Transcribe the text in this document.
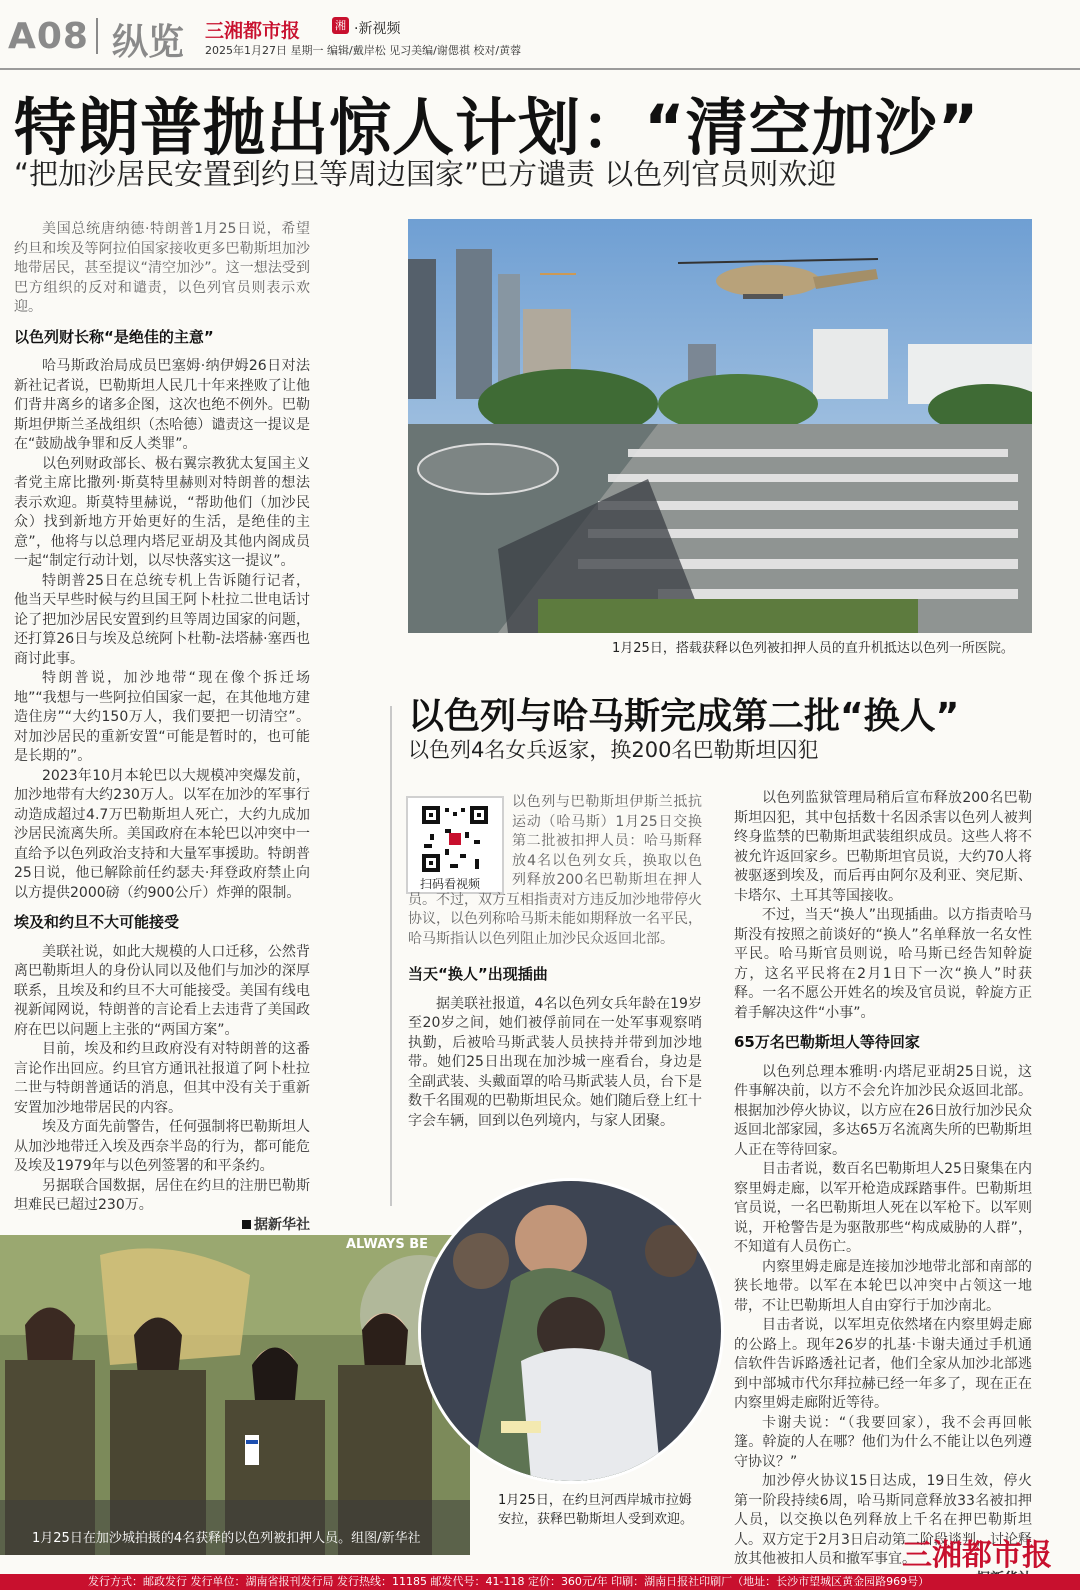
A08 纵览 三湘都市报	湘 ·新视频
2025年1月27日 星期一 编辑/戴岸松 见习美编/谢偲祺 校对/黄蓉
特朗普抛出惊人计划：“清空加沙”
“把加沙居民安置到约旦等周边国家”巴方谴责 以色列官员则欢迎

美国总统唐纳德·特朗普1月25日说，希望约旦和埃及等阿拉伯国家接收更多巴勒斯坦加沙地带居民，甚至提议“清空加沙”。这一想法受到巴方组织的反对和谴责，以色列官员则表示欢迎。

以色列财长称“是绝佳的主意”

哈马斯政治局成员巴塞姆·纳伊姆26日对法新社记者说，巴勒斯坦人民几十年来挫败了让他们背井离乡的诸多企图，这次也绝不例外。巴勒斯坦伊斯兰圣战组织（杰哈德）谴责这一提议是在“鼓励战争罪和反人类罪”。

以色列财政部长、极右翼宗教犹太复国主义者党主席比撒列·斯莫特里赫则对特朗普的想法表示欢迎。斯莫特里赫说，“帮助他们（加沙民众）找到新地方开始更好的生活，是绝佳的主意”，他将与以总理内塔尼亚胡及其他内阁成员一起“制定行动计划，以尽快落实这一提议”。

特朗普25日在总统专机上告诉随行记者，他当天早些时候与约旦国王阿卜杜拉二世电话讨论了把加沙居民安置到约旦等周边国家的问题，还打算26日与埃及总统阿卜杜勒-法塔赫·塞西也商讨此事。

特朗普说，加沙地带“现在像个拆迁场地”“我想与一些阿拉伯国家一起，在其他地方建造住房”“大约150万人，我们要把一切清空”。对加沙居民的重新安置“可能是暂时的，也可能是长期的”。

2023年10月本轮巴以大规模冲突爆发前，加沙地带有大约230万人。以军在加沙的军事行动造成超过4.7万巴勒斯坦人死亡，大约九成加沙居民流离失所。美国政府在本轮巴以冲突中一直给予以色列政治支持和大量军事援助。特朗普25日说，他已解除前任约瑟夫·拜登政府禁止向以方提供2000磅（约900公斤）炸弹的限制。

埃及和约旦不大可能接受

美联社说，如此大规模的人口迁移，公然背离巴勒斯坦人的身份认同以及他们与加沙的深厚联系，且埃及和约旦不大可能接受。美国有线电视新闻网说，特朗普的言论看上去违背了美国政府在巴以问题上主张的“两国方案”。

目前，埃及和约旦政府没有对特朗普的这番言论作出回应。约旦官方通讯社报道了阿卜杜拉二世与特朗普通话的消息，但其中没有关于重新安置加沙地带居民的内容。

埃及方面先前警告，任何强制将巴勒斯坦人从加沙地带迁入埃及西奈半岛的行为，都可能危及埃及1979年与以色列签署的和平条约。

另据联合国数据，居住在约旦的注册巴勒斯坦难民已超过230万。

据新华社

1月25日，搭载获释以色列被扣押人员的直升机抵达以色列一所医院。
以色列与哈马斯完成第二批“换人”
以色列4名女兵返家，换200名巴勒斯坦囚犯
扫码看视频
以色列与巴勒斯坦伊斯兰抵抗运动（哈马斯）1月25日交换第二批被扣押人员：哈马斯释放4名以色列女兵，换取以色列释放200名巴勒斯坦在押人员。不过，双方互相指责对方违反加沙地带停火协议，以色列称哈马斯未能如期释放一名平民，哈马斯指认以色列阻止加沙民众返回北部。
当天“换人”出现插曲

据美联社报道，4名以色列女兵年龄在19岁至20岁之间，她们被俘前同在一处军事观察哨执勤，后被哈马斯武装人员挟持并带到加沙地带。她们25日出现在加沙城一座看台，身边是全副武装、头戴面罩的哈马斯武装人员，台下是数千名围观的巴勒斯坦民众。她们随后登上红十字会车辆，回到以色列境内，与家人团聚。

以色列监狱管理局稍后宣布释放200名巴勒斯坦囚犯，其中包括数十名因杀害以色列人被判终身监禁的巴勒斯坦武装组织成员。这些人将不被允许返回家乡。巴勒斯坦官员说，大约70人将被驱逐到埃及，而后再由阿尔及利亚、突尼斯、卡塔尔、土耳其等国接收。

不过，当天“换人”出现插曲。以方指责哈马斯没有按照之前谈好的“换人”名单释放一名女性平民。哈马斯官员则说，哈马斯已经告知幹旋方，这名平民将在2月1日下一次“换人”时获释。一名不愿公开姓名的埃及官员说，幹旋方正着手解决这件“小事”。

65万名巴勒斯坦人等待回家

以色列总理本雅明·内塔尼亚胡25日说，这件事解决前，以方不会允许加沙民众返回北部。根据加沙停火协议，以方应在26日放行加沙民众返回北部家园，多达65万名流离失所的巴勒斯坦人正在等待回家。

目击者说，数百名巴勒斯坦人25日聚集在内察里姆走廊，以军开枪造成踩踏事件。巴勒斯坦官员说，一名巴勒斯坦人死在以军枪下。以军则说，开枪警告是为驱散那些“构成威胁的人群”，不知道有人员伤亡。

内察里姆走廊是连接加沙地带北部和南部的狭长地带。以军在本轮巴以冲突中占领这一地带，不让巴勒斯坦人自由穿行于加沙南北。

目击者说，以军坦克依然堵在内察里姆走廊的公路上。现年26岁的扎基·卡谢夫通过手机通信软件告诉路透社记者，他们全家从加沙北部逃到中部城市代尔拜拉赫已经一年多了，现在正在内察里姆走廊附近等待。

卡谢夫说：“（我要回家），我不会再回帐篷。幹旋的人在哪？他们为什么不能让以色列遵守协议？”

加沙停火协议15日达成，19日生效，停火第一阶段持续6周，哈马斯同意释放33名被扣押人员，以交换以色列释放上千名在押巴勒斯坦人。双方定于2月3日启动第二阶段谈判，讨论释放其他被扣人员和撤军事宜。

ALWAYS BE
1月25日在加沙城拍摄的4名获释的以色列被扣押人员。组图/新华社
1月25日，在约旦河西岸城市拉姆
安拉，获释巴勒斯坦人受到欢迎。
三湘都市报
发行方式：邮政发行 发行单位：湖南省报刊发行局 发行热线：11185 邮发代号：41-118 定价：360元/年 印刷：湖南日报社印刷厂（地址：长沙市望城区黄金园路969号）
